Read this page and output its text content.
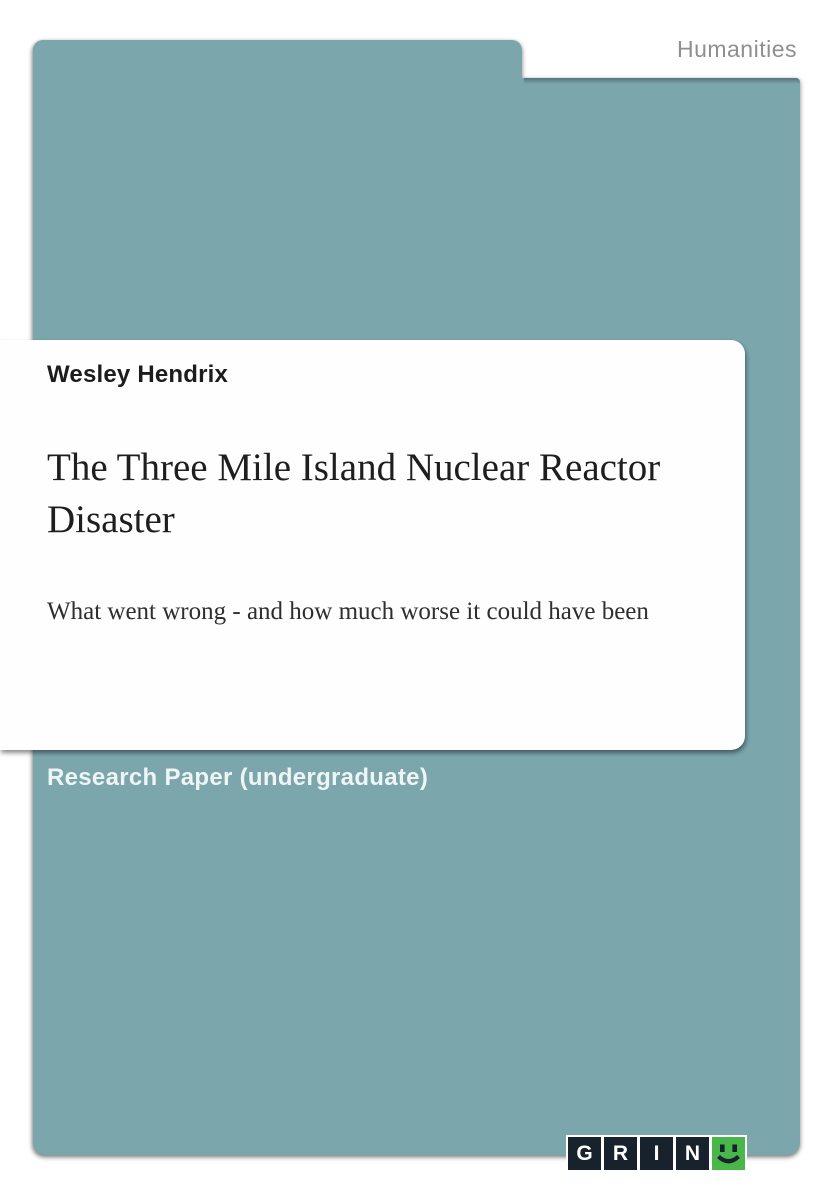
Humanities
Wesley Hendrix
The Three Mile Island Nuclear Reactor Disaster
What went wrong - and how much worse it could have been
Research Paper (undergraduate)
G R	I	N
